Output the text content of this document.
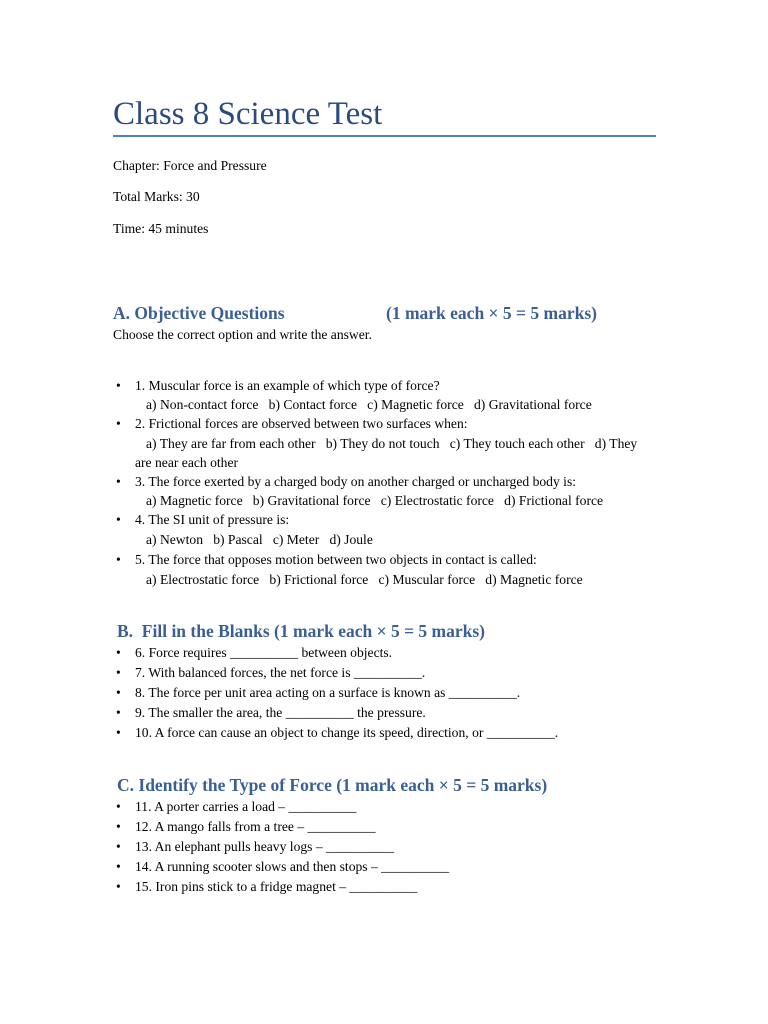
Class 8 Science Test
Chapter: Force and Pressure
Total Marks: 30
Time: 45 minutes
A. Objective Questions	(1 mark each × 5 = 5 marks)
Choose the correct option and write the answer.
• 1. Muscular force is an example of which type of force?
a) Non-contact force   b) Contact force   c) Magnetic force   d) Gravitational force
• 2. Frictional forces are observed between two surfaces when:
a) They are far from each other   b) They do not touch   c) They touch each other   d) They
are near each other
• 3. The force exerted by a charged body on another charged or uncharged body is:
a) Magnetic force   b) Gravitational force   c) Electrostatic force   d) Frictional force
• 4. The SI unit of pressure is:
a) Newton   b) Pascal   c) Meter   d) Joule
• 5. The force that opposes motion between two objects in contact is called:
a) Electrostatic force   b) Frictional force   c) Muscular force   d) Magnetic force
B.  Fill in the Blanks (1 mark each × 5 = 5 marks)
• 6. Force requires __________ between objects.
• 7. With balanced forces, the net force is __________.
• 8. The force per unit area acting on a surface is known as __________.
• 9. The smaller the area, the __________ the pressure.
• 10. A force can cause an object to change its speed, direction, or __________.
C. Identify the Type of Force (1 mark each × 5 = 5 marks)
• 11. A porter carries a load – __________
• 12. A mango falls from a tree – __________
• 13. An elephant pulls heavy logs – __________
• 14. A running scooter slows and then stops – __________
• 15. Iron pins stick to a fridge magnet – __________
